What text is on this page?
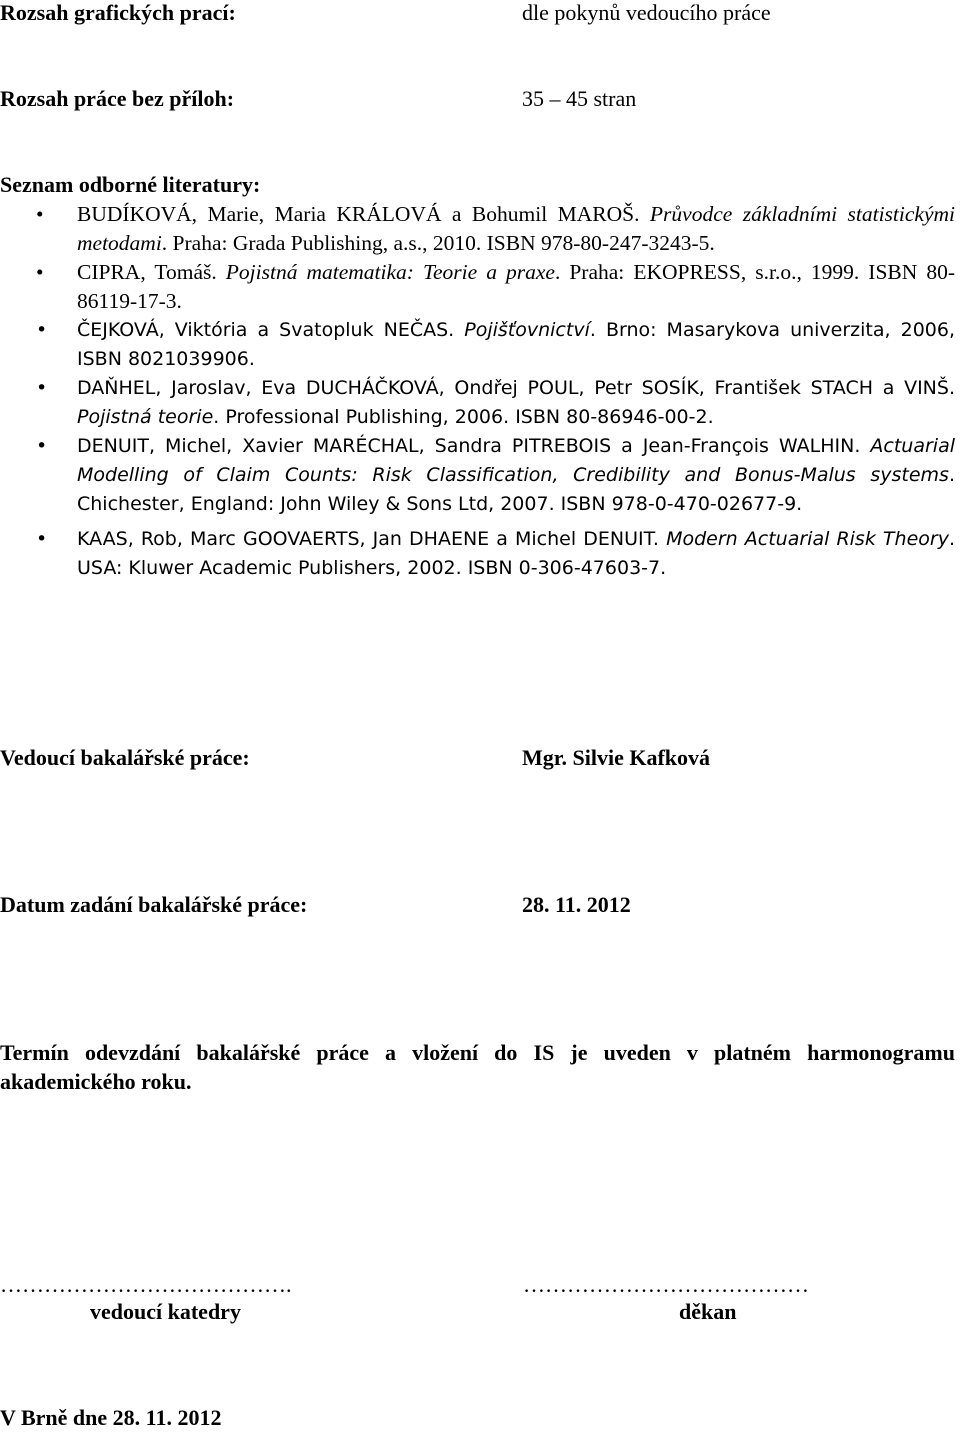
Rozsah grafických prací:	dle pokynů vedoucího práce
Rozsah práce bez příloh:	35 – 45 stran
Seznam odborné literatury:
• BUDÍKOVÁ, Marie, Maria KRÁLOVÁ a Bohumil MAROŠ. Průvodce základními statistickými metodami. Praha: Grada Publishing, a.s., 2010. ISBN 978-80-247-3243-5.
• CIPRA, Tomáš. Pojistná matematika: Teorie a praxe. Praha: EKOPRESS, s.r.o., 1999. ISBN 80-86119-17-3.
• ČEJKOVÁ, Viktória a Svatopluk NEČAS. Pojišťovnictví. Brno: Masarykova univerzita, 2006, ISBN 8021039906.
• DAŇHEL, Jaroslav, Eva DUCHÁČKOVÁ, Ondřej POUL, Petr SOSÍK, František STACH a VINŠ. Pojistná teorie. Professional Publishing, 2006. ISBN 80-86946-00-2.
• DENUIT, Michel, Xavier MARÉCHAL, Sandra PITREBOIS a Jean-François WALHIN. Actuarial Modelling of Claim Counts: Risk Classification, Credibility and Bonus-Malus systems. Chichester, England: John Wiley & Sons Ltd, 2007. ISBN 978-0-470-02677-9.
• KAAS, Rob, Marc GOOVAERTS, Jan DHAENE a Michel DENUIT. Modern Actuarial Risk Theory. USA: Kluwer Academic Publishers, 2002. ISBN 0-306-47603-7.
Vedoucí bakalářské práce:	Mgr. Silvie Kafková
Datum zadání bakalářské práce:	28. 11. 2012
Termín odevzdání bakalářské práce a vložení do IS je uveden v platném harmonogramu akademického roku.
………………………………….
vedoucí katedry
…………………………………
děkan
V Brně dne 28. 11. 2012
